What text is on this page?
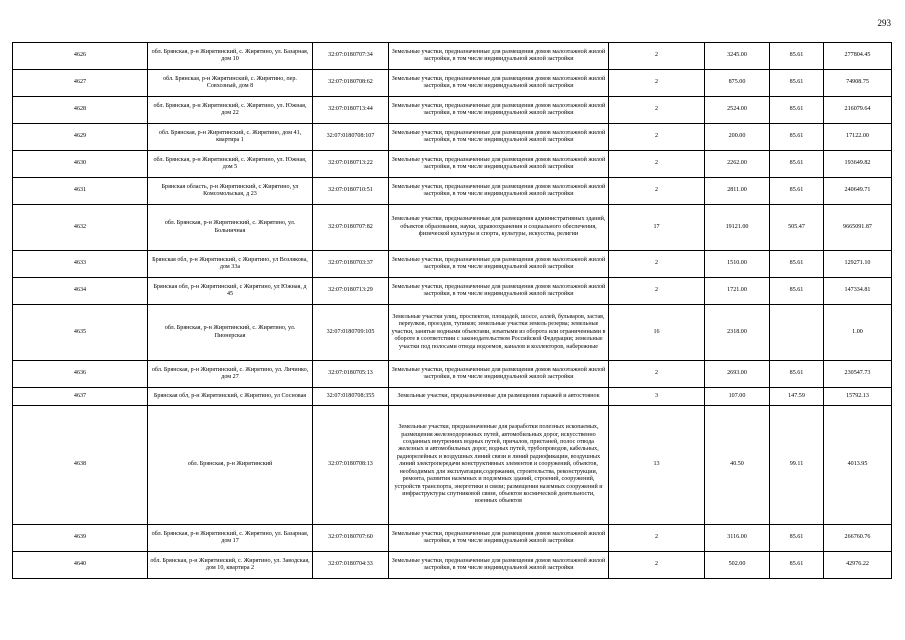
293
4626	обл. Брянская, р-н Жирятинский, с. Жирятино, ул. Базарная, дом 10	32:07:0180707:34	Земельные участки, предназначенные для размещения домов малоэтажной жилой застройки, в том числе индивидуальной жилой застройки	2	3245.00	85.61	277804.45
4627	обл. Брянская, р-н Жирятинский, с. Жирятино, пер. Совхозный, дом 8	32:07:0180708:62	Земельные участки, предназначенные для размещения домов малоэтажной жилой застройки, в том числе индивидуальной жилой застройки	2	875.00	85.61	74908.75
4628	обл. Брянская, р-н Жирятинский, с. Жирятино, ул. Южная, дом 22	32:07:0180713:44	Земельные участки, предназначенные для размещения домов малоэтажной жилой застройки, в том числе индивидуальной жилой застройки	2	2524.00	85.61	216079.64
4629	обл. Брянская, р-н Жирятинский, с. Жирятино, дом 41, квартира 1	32:07:0180708:107	Земельные участки, предназначенные для размещения домов малоэтажной жилой застройки, в том числе индивидуальной жилой застройки	2	200.00	85.61	17122.00
4630	обл. Брянская, р-н Жирятинский, с. Жирятино, ул. Южная, дом 5	32:07:0180713:22	Земельные участки, предназначенные для размещения домов малоэтажной жилой застройки, в том числе индивидуальной жилой застройки	2	2262.00	85.61	193649.82
4631	Брянская область, р-н Жирятинский, с Жирятино, ул Комсомольская, д 23	32:07:0180710:51	Земельные участки, предназначенные для размещения домов малоэтажной жилой застройки, в том числе индивидуальной жилой застройки	2	2811.00	85.61	240649.71
4632	обл. Брянская, р-н Жирятинский, с. Жирятино, ул. Больничная	32:07:0180707:82	Земельные участки, предназначенные для размещения административных зданий, объектов образования, науки, здравоохранения и социального обеспечения, физической культуры и спорта, культуры, искусства, религии	17	19121.00	505.47	9665091.87
4633	Брянская обл, р-н Жирятинский, с Жирятино, ул Возлякова, дом 33а	32:07:0180703:37	Земельные участки, предназначенные для размещения домов малоэтажной жилой застройки, в том числе индивидуальной жилой застройки	2	1510.00	85.61	129271.10
4634	Брянская обл, р-н Жирятинский, с Жирятино, ул Южная, д 45	32:07:0180713:29	Земельные участки, предназначенные для размещения домов малоэтажной жилой застройки, в том числе индивидуальной жилой застройки	2	1721.00	85.61	147334.81
4635	обл. Брянская, р-н Жирятинский, с. Жирятино, ул. Пионерская	32:07:0180709:105	Земельные участки улиц, проспектов, площадей, шоссе, аллей, бульваров, застав, переулков, проездов, тупиков; земельные участки земель резерва; земельные участки, занятые водными объектами, изъятыми из оборота или ограниченными в обороте в соответствии с законодательством Российской Федерации; земельные участки под полосами отвода водоемов, каналов и коллекторов, набережные	16	2318.00		1.00
4636	обл. Брянская, р-н Жирятинский, с. Жирятино, ул. Личинко, дом 27	32:07:0180705:13	Земельные участки, предназначенные для размещения домов малоэтажной жилой застройки, в том числе индивидуальной жилой застройки	2	2693.00	85.61	230547.73
4637	Брянская обл, р-н Жирятинский, с Жирятино, ул Сосновая	32:07:0180708:355	Земельные участки, предназначенные для размещения гаражей и автостоянок	3	107.00	147.59	15792.13
4638	обл. Брянская, р-н Жирятинский	32:07:0180708:13	Земельные участки, предназначенные для разработки полезных ископаемых, размещения железнодорожных путей, автомобильных дорог, искусственно созданных внутренних водных путей, причалов, пристаней, полос отвода железных и автомобильных дорог, водных путей, трубопроводов, кабельных, радиорелейных и воздушных линий связи и линий радиофикации, воздушных линий электропередачи конструктивных элементов и сооружений, объектов, необходимых для эксплуатации,содержания, строительства, реконструкции, ремонта, развития наземных и подземных зданий, строений, сооружений, устройств транспорта, энергетики и связи; размещения наземных сооружений и инфраструктуры спутниковой связи, объектов космической деятельности, военных объектов	13	40.50	99.11	4013.95
4639	обл. Брянская, р-н Жирятинский, с. Жирятино, ул. Базарная, дом 17	32:07:0180707:60	Земельные участки, предназначенные для размещения домов малоэтажной жилой застройки, в том числе индивидуальной жилой застройки	2	3116.00	85.61	266760.76
4640	обл. Брянская, р-н Жирятинский, с. Жирятино, ул. Заводская, дом 10, квартира 2	32:07:0180704:33	Земельные участки, предназначенные для размещения домов малоэтажной жилой застройки, в том числе индивидуальной жилой застройки	2	502.00	85.61	42976.22
